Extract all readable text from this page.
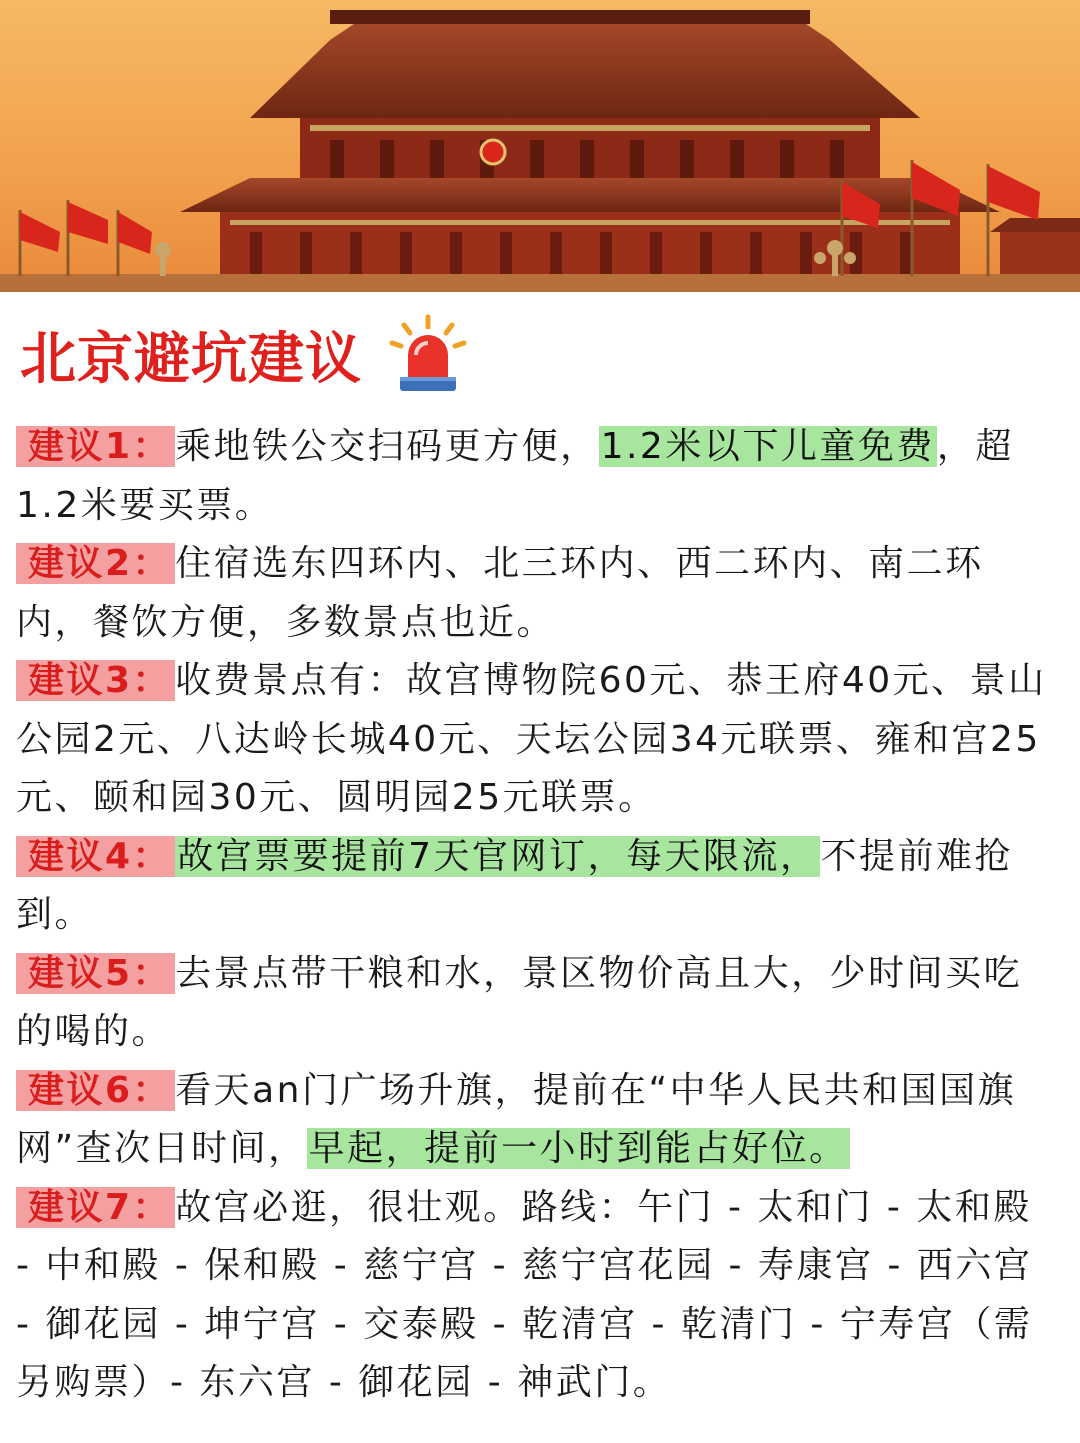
北京避坑建议

建议1： 乘地铁公交扫码更方便，1.2米以下儿童免费，超1.2米要买票。

建议2： 住宿选东四环内、北三环内、西二环内、南二环内，餐饮方便，多数景点也近。

建议3： 收费景点有：故宫博物院60元、恭王府40元、景山公园2元、八达岭长城40元、天坛公园34元联票、雍和宫25元、颐和园30元、圆明园25元联票。

建议4： 故宫票要提前7天官网订，每天限流，不提前难抢到。

建议5： 去景点带干粮和水，景区物价高且大，少时间买吃的喝的。

建议6： 看天an门广场升旗，提前在“中华人民共和国国旗网”查次日时间，早起，提前一小时到能占好位。

建议7： 故宫必逛，很壮观。路线：午门 - 太和门 - 太和殿 - 中和殿 - 保和殿 - 慈宁宫 - 慈宁宫花园 - 寿康宫 - 西六宫 - 御花园 - 坤宁宫 - 交泰殿 - 乾清宫 - 乾清门 - 宁寿宫（需另购票）- 东六宫 - 御花园 - 神武门。
